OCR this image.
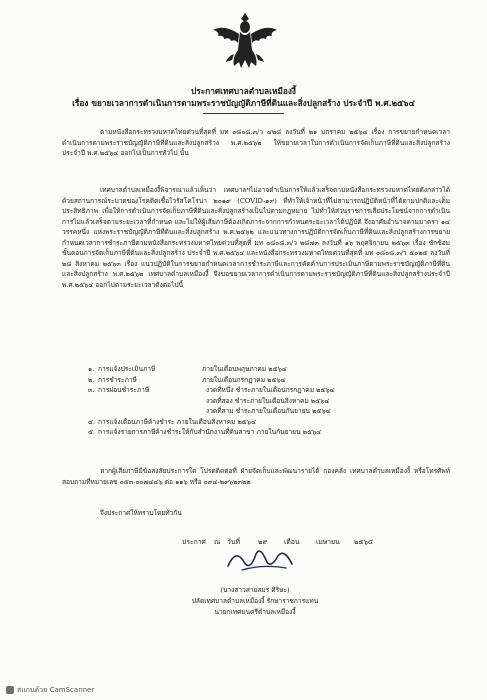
ประกาศเทศบาลตำบลเหมืองงี้
เรื่อง ขยายเวลาการดำเนินการตามพระราชบัญญัติภาษีที่ดินและสิ่งปลูกสร้าง ประจำปี พ.ศ.๒๕๖๔

ตามหนังสือกระทรวงมหาดไทยด่วนที่สุดที่ มท ๐๘๐๘.๓/ว ๔๒๘ ลงวันที่ ๒๑ มกราคม ๒๕๖๔ เรื่อง การขยายกำหนดเวลาดำเนินการตามพระราชบัญญัติภาษีที่ดินและสิ่งปลูกสร้าง พ.ศ.๒๕๖๒ ให้ขยายเวลาในการดำเนินการจัดเก็บภาษีที่ดินและสิ่งปลูกสร้าง ประจำปี พ.ศ.๒๕๖๔ ออกไปเป็นการทั่วไป นั้น

เทศบาลตำบลเหมืองงี้พิจารณาแล้วเห็นว่า เทศบาลฯไม่อาจดำเนินการให้แล้วเสร็จตามหนังสือกระทรวงมหาดไทยดังกล่าวได้ ด้วยสถานการณ์ระบาดของโรคติดเชื้อไวรัสโคโรนา ๒๐๑๙ (COVID-๑๙) ที่ทำให้เจ้าหน้าที่ไม่สามารถปฏิบัติหน้าที่ได้ตามปกติและเต็มประสิทธิภาพ เพื่อให้การดำเนินการจัดเก็บภาษีที่ดินและสิ่งปลูกสร้างเป็นไปตามกฎหมาย ไม่ทำให้ส่วนราชการเสียประโยชน์จากการดำเนินการไม่แล้วเสร็จตามระยะเวลาที่กำหนด และไม่ให้ผู้เสียภาษีต้องเกิดภาระจากการกำหนดระยะเวลาได้ปฏิบัติ จึงอาศัยอำนาจตามมาตรา ๑๔ วรรคหนึ่ง แห่งพระราชบัญญัติภาษีที่ดินและสิ่งปลูกสร้าง พ.ศ.๒๕๖๒ และแนวทางการปฏิบัติการจัดเก็บภาษีที่ดินและสิ่งปลูกสร้างการขยายกำหนดเวลาการชำระภาษีตามหนังสือกระทรวงมหาดไทยด่วนที่สุดที่ มท ๐๘๐๘.๓/ว ๒๘๗๓ ลงวันที่ ๑๖ พฤศจิกายน ๒๕๖๓ เรื่อง ซักซ้อมขั้นตอนการจัดเก็บภาษีที่ดินและสิ่งปลูกสร้าง ประจำปี พ.ศ.๒๕๖๔ และหนังสือกระทรวงมหาดไทยด่วนที่สุดที่ มท ๐๘๐๘.๓/ว ๕๐๒๕ ลงวันที่ ๒๘ สิงหาคม ๒๕๖๓ เรื่อง แนวปฏิบัติในการขยายกำหนดเวลาการชำระภาษีและการคัดค้านการประเมินภาษีตามพระราชบัญญัติภาษีที่ดินและสิ่งปลูกสร้าง พ.ศ.๒๕๖๒ เทศบาลตำบลเหมืองงี้ จึงขอขยายเวลาการดำเนินการตามพระราชบัญญัติภาษีที่ดินและสิ่งปลูกสร้างประจำปี พ.ศ.๒๕๖๔ ออกไปตามระยะเวลาดังต่อไปนี้

๑. การแจ้งประเมินภาษี	ภายในเดือนพฤษภาคม ๒๕๖๔
๒. การชำระภาษี	ภายในเดือนกรกฎาคม ๒๕๖๔
๓. การผ่อนชำระภาษี	งวดที่หนึ่ง ชำระภายในเดือนกรกฎาคม ๒๕๖๔
งวดที่สอง ชำระภายในเดือนสิงหาคม ๒๕๖๔
งวดที่สาม ชำระภายในเดือนกันยายน ๒๕๖๔
๔. การแจ้งเตือนภาษีค้างชำระ ภายในเดือนสิงหาคม ๒๕๖๔
๕. การแจ้งรายการภาษีค้างชำระให้กับสำนักงานที่ดินสาขา ภายในกันยายน ๒๕๖๔

หากผู้เสียภาษีมีข้อสงสัยประการใด โปรดติดต่อที่ ฝ่ายจัดเก็บและพัฒนารายได้ กองคลัง เทศบาลตำบลเหมืองงี้ หรือโทรศัพท์สอบถามที่หมายเลข ๐๕๓-๐๐๗๔๔๖ ต่อ ๑๑๖ หรือ ๐๙๔-๒๙๖๒๓๒๒

จึงประกาศให้ทราบโดยทั่วกัน

ประกาศ ณ วันที่	๒๙ เดือน เมษายน ๒๕๖๔
(นางสาวสายสมร ศิริษะ)
ปลัดเทศบาลตำบลเหมืองงี้ รักษาราชการแทน
นายกเทศมนตรีตำบลเหมืองงี้
สแกนด้วย CamScanner
